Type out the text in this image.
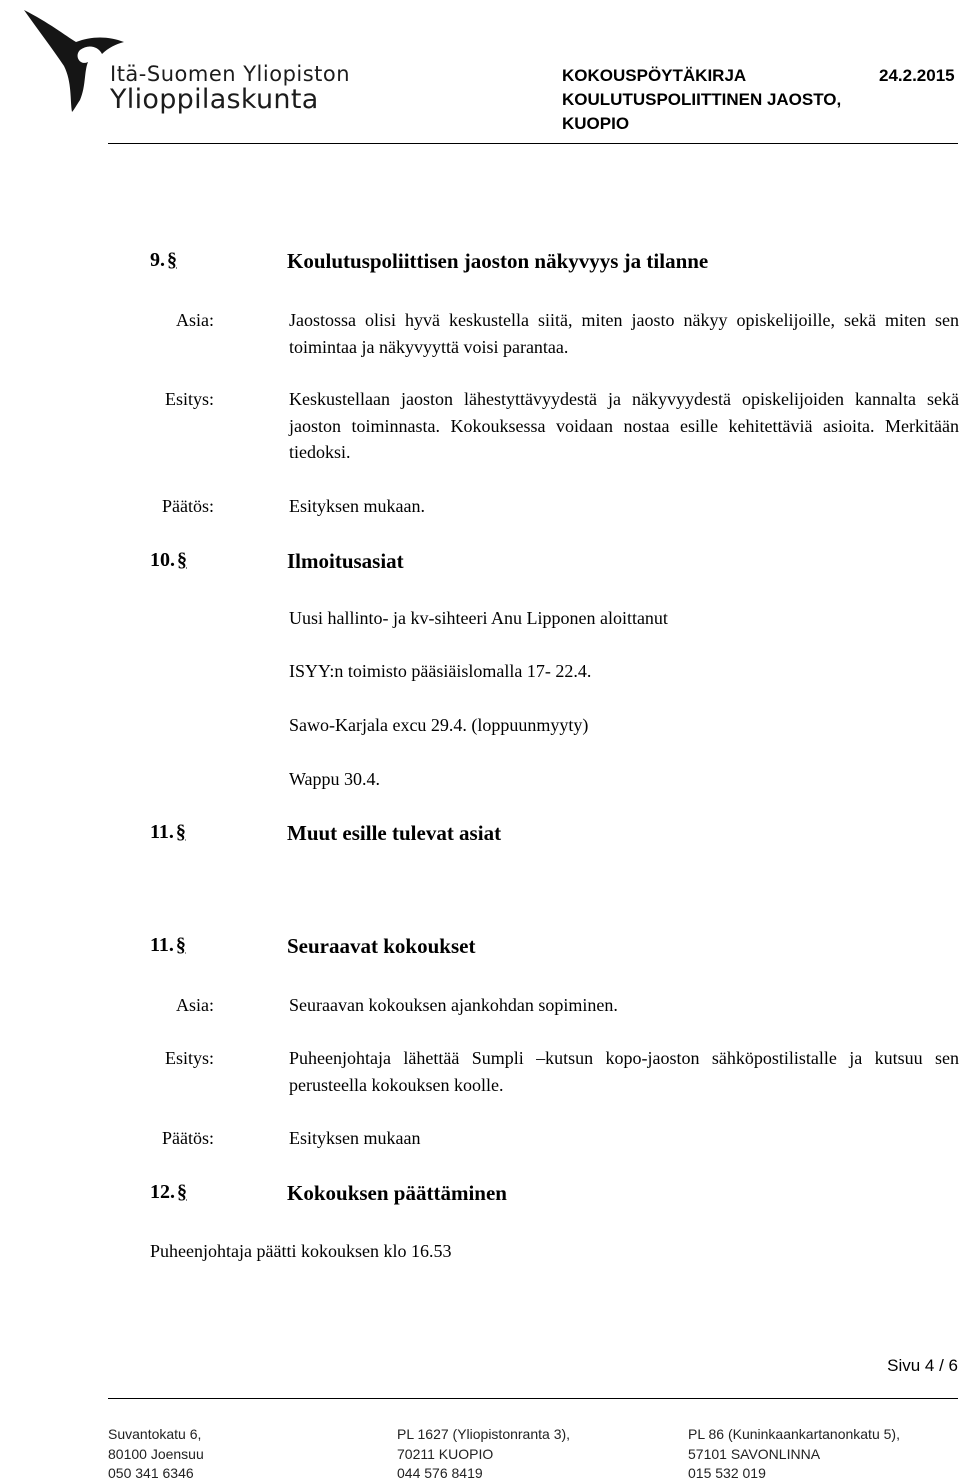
Itä-Suomen Yliopiston
Ylioppilaskunta
KOKOUSPÖYTÄKIRJA	24.2.2015
KOULUTUSPOLIITTINEN JAOSTO,
KUOPIO
9. §	Koulutuspoliittisen jaoston näkyvyys ja tilanne
Asia:	Jaostossa olisi hyvä keskustella siitä, miten jaosto näkyy opiskelijoille, sekä miten sen toimintaa ja näkyvyyttä voisi parantaa.
Esitys:	Keskustellaan jaoston lähestyttävyydestä ja näkyvyydestä opiskelijoiden kannalta sekä jaoston toiminnasta. Kokouksessa voidaan nostaa esille kehitettäviä asioita. Merkitään tiedoksi.
Päätös:	Esityksen mukaan.
10. §	Ilmoitusasiat
Uusi hallinto- ja kv-sihteeri Anu Lipponen aloittanut
ISYY:n toimisto pääsiäislomalla 17- 22.4.
Sawo-Karjala excu 29.4. (loppuunmyyty)
Wappu 30.4.
11. §	Muut esille tulevat asiat
11. §	Seuraavat kokoukset
Asia:	Seuraavan kokouksen ajankohdan sopiminen.
Esitys:	Puheenjohtaja lähettää Sumpli –kutsun kopo-jaoston sähköpostilistalle ja kutsuu sen perusteella kokouksen koolle.
Päätös:	Esityksen mukaan
12. §	Kokouksen päättäminen
Puheenjohtaja päätti kokouksen klo 16.53
Sivu 4 / 6
Suvantokatu 6,
80100 Joensuu
050 341 6346
PL 1627 (Yliopistonranta 3),
70211 KUOPIO
044 576 8419
PL 86 (Kuninkaankartanonkatu 5),
57101 SAVONLINNA
015 532 019
